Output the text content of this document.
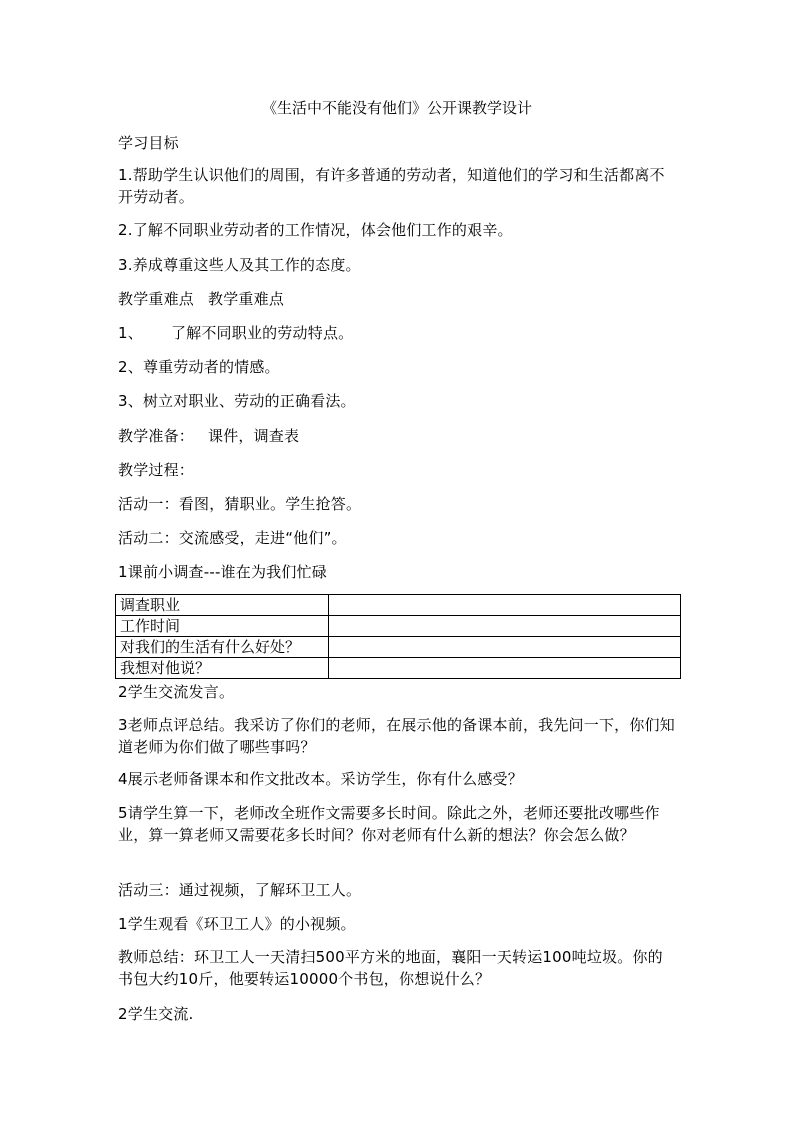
《生活中不能没有他们》公开课教学设计
学习目标
1.帮助学生认识他们的周围，有许多普通的劳动者，知道他们的学习和生活都离不开劳动者。
2.了解不同职业劳动者的工作情况，体会他们工作的艰辛。
3.养成尊重这些人及其工作的态度。
教学重难点 教学重难点
1、 了解不同职业的劳动特点。
2、尊重劳动者的情感。
3、树立对职业、劳动的正确看法。
教学准备： 课件，调查表
教学过程：
活动一：看图，猜职业。学生抢答。
活动二：交流感受，走进“他们”。
1课前小调查---谁在为我们忙碌
调查职业	
工作时间	
对我们的生活有什么好处？	
我想对他说？	
2学生交流发言。
3老师点评总结。我采访了你们的老师，在展示他的备课本前，我先问一下，你们知道老师为你们做了哪些事吗？
4展示老师备课本和作文批改本。采访学生，你有什么感受？
5请学生算一下，老师改全班作文需要多长时间。除此之外，老师还要批改哪些作业，算一算老师又需要花多长时间？你对老师有什么新的想法？你会怎么做？
活动三：通过视频，了解环卫工人。
1学生观看《环卫工人》的小视频。
教师总结：环卫工人一天清扫500平方米的地面，襄阳一天转运100吨垃圾。你的书包大约10斤，他要转运10000个书包，你想说什么？
2学生交流.
